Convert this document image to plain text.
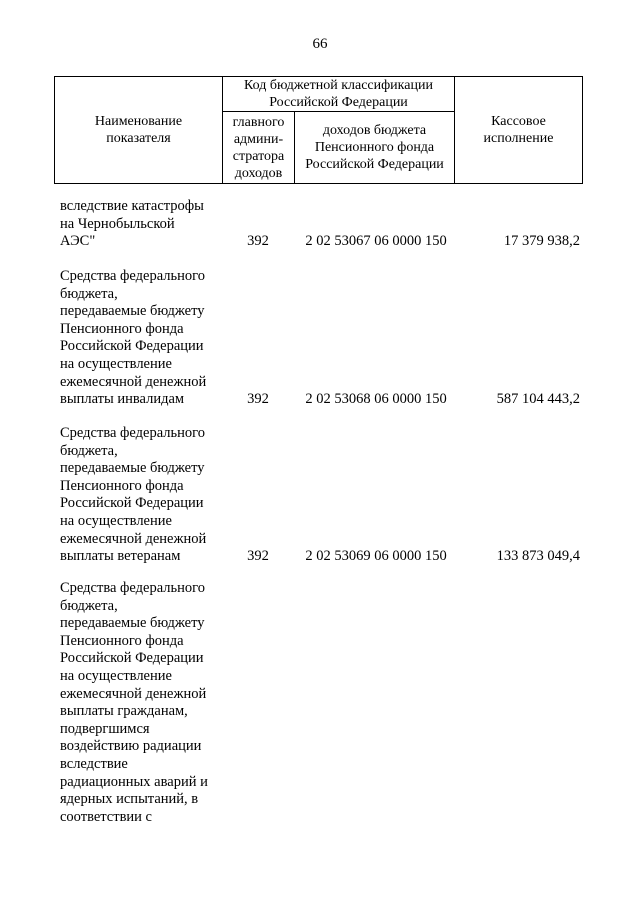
66
Наименование показателя	Код бюджетной классификации Российской Федерации		Кассовое исполнение
	главного админи-стратора доходов	доходов бюджета Пенсионного фонда Российской Федерации	
вследствие катастрофы
на Чернобыльской
АЭС"	392	2 02 53067 06 0000 150	17 379 938,2
Средства федерального
бюджета,
передаваемые бюджету
Пенсионного фонда
Российской Федерации
на осуществление
ежемесячной денежной
выплаты инвалидам	392	2 02 53068 06 0000 150	587 104 443,2
Средства федерального
бюджета,
передаваемые бюджету
Пенсионного фонда
Российской Федерации
на осуществление
ежемесячной денежной
выплаты ветеранам	392	2 02 53069 06 0000 150	133 873 049,4
Средства федерального
бюджета,
передаваемые бюджету
Пенсионного фонда
Российской Федерации
на осуществление
ежемесячной денежной
выплаты гражданам,
подвергшимся
воздействию радиации
вследствие
радиационных аварий и
ядерных испытаний, в
соответствии с
